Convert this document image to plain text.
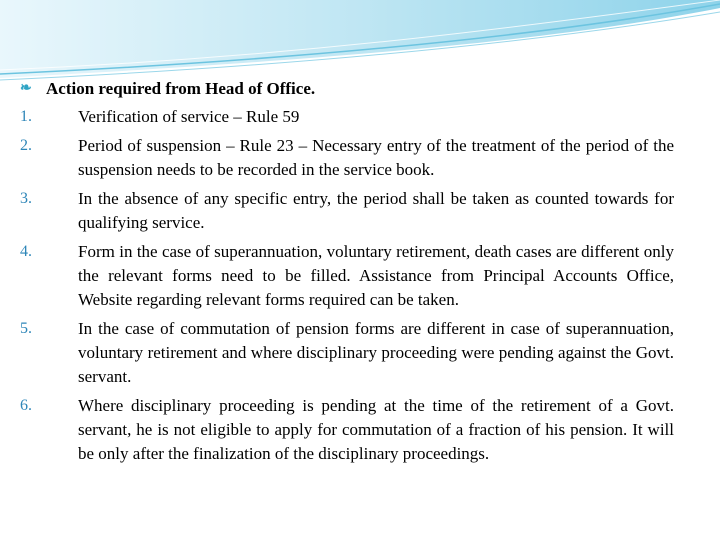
❧ Action required from Head of Office.
1.	Verification of service – Rule 59
2.	Period of suspension – Rule 23 – Necessary entry of the treatment of the period of the suspension needs to be recorded in the service book.
3.	In the absence of any specific entry, the period shall be taken as counted towards for qualifying service.
4.	Form in the case of superannuation, voluntary retirement, death cases are different only the relevant forms need to be filled. Assistance from Principal Accounts Office, Website regarding relevant forms required can be taken.
5.	In the case of commutation of pension forms are different in case of superannuation, voluntary retirement and where disciplinary proceeding were pending against the Govt. servant.
6.	Where disciplinary proceeding is pending at the time of the retirement of a Govt. servant, he is not eligible to apply for commutation of a fraction of his pension. It will be only after the finalization of the disciplinary proceedings.
